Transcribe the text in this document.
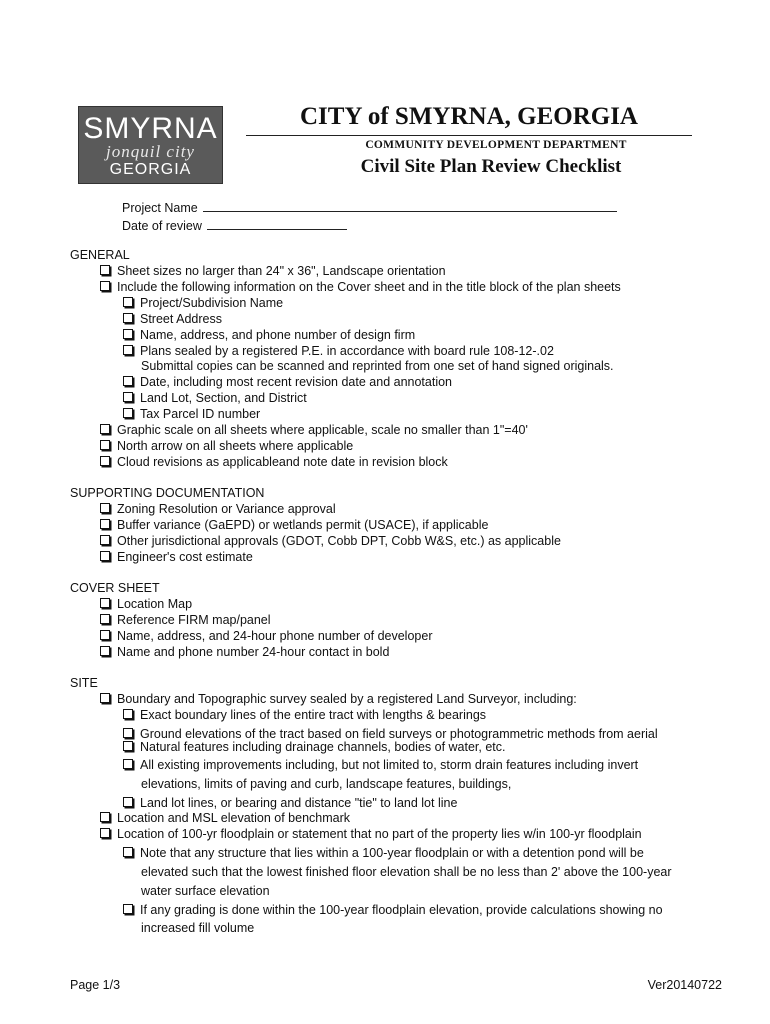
SMYRNA
jonquil city
GEORGIA
CITY of SMYRNA, GEORGIA
COMMUNITY DEVELOPMENT DEPARTMENT
Civil Site Plan Review Checklist
Project Name
Date of review
GENERAL
Sheet sizes no larger than 24" x 36", Landscape orientation
Include the following information on the Cover sheet and in the title block of the plan sheets
Project/Subdivision Name
Street Address
Name, address, and phone number of design firm
Plans sealed by a registered P.E. in accordance with board rule 108-12-.02
Submittal copies can be scanned and reprinted from one set of hand signed originals.
Date, including most recent revision date and annotation
Land Lot, Section, and District
Tax Parcel ID number
Graphic scale on all sheets where applicable, scale no smaller than 1"=40'
North arrow on all sheets where applicable
Cloud revisions as applicableand note date in revision block
SUPPORTING DOCUMENTATION
Zoning Resolution or Variance approval
Buffer variance (GaEPD) or wetlands permit (USACE), if applicable
Other jurisdictional approvals (GDOT, Cobb DPT, Cobb W&S, etc.) as applicable
Engineer's cost estimate
COVER SHEET
Location Map
Reference FIRM map/panel
Name, address, and 24-hour phone number of developer
Name and phone number 24-hour contact in bold
SITE
Boundary and Topographic survey sealed by a registered Land Surveyor, including:
Exact boundary lines of the entire tract with lengths & bearings
Ground elevations of the tract based on field surveys or photogrammetric methods from aerial
Natural features including drainage channels, bodies of water, etc.
All existing improvements including, but not limited to, storm drain features including invert
elevations, limits of paving and curb, landscape features, buildings,
Land lot lines, or bearing and distance "tie" to land lot line
Location and MSL elevation of benchmark
Location of 100-yr floodplain or statement that no part of the property lies w/in 100-yr floodplain
Note that any structure that lies within a 100-year floodplain or with a detention pond will be
elevated such that the lowest finished floor elevation shall be no less than 2' above the 100-year
water surface elevation
If any grading is done within the 100-year floodplain elevation, provide calculations showing no
increased fill volume
Page 1/3	Ver20140722
